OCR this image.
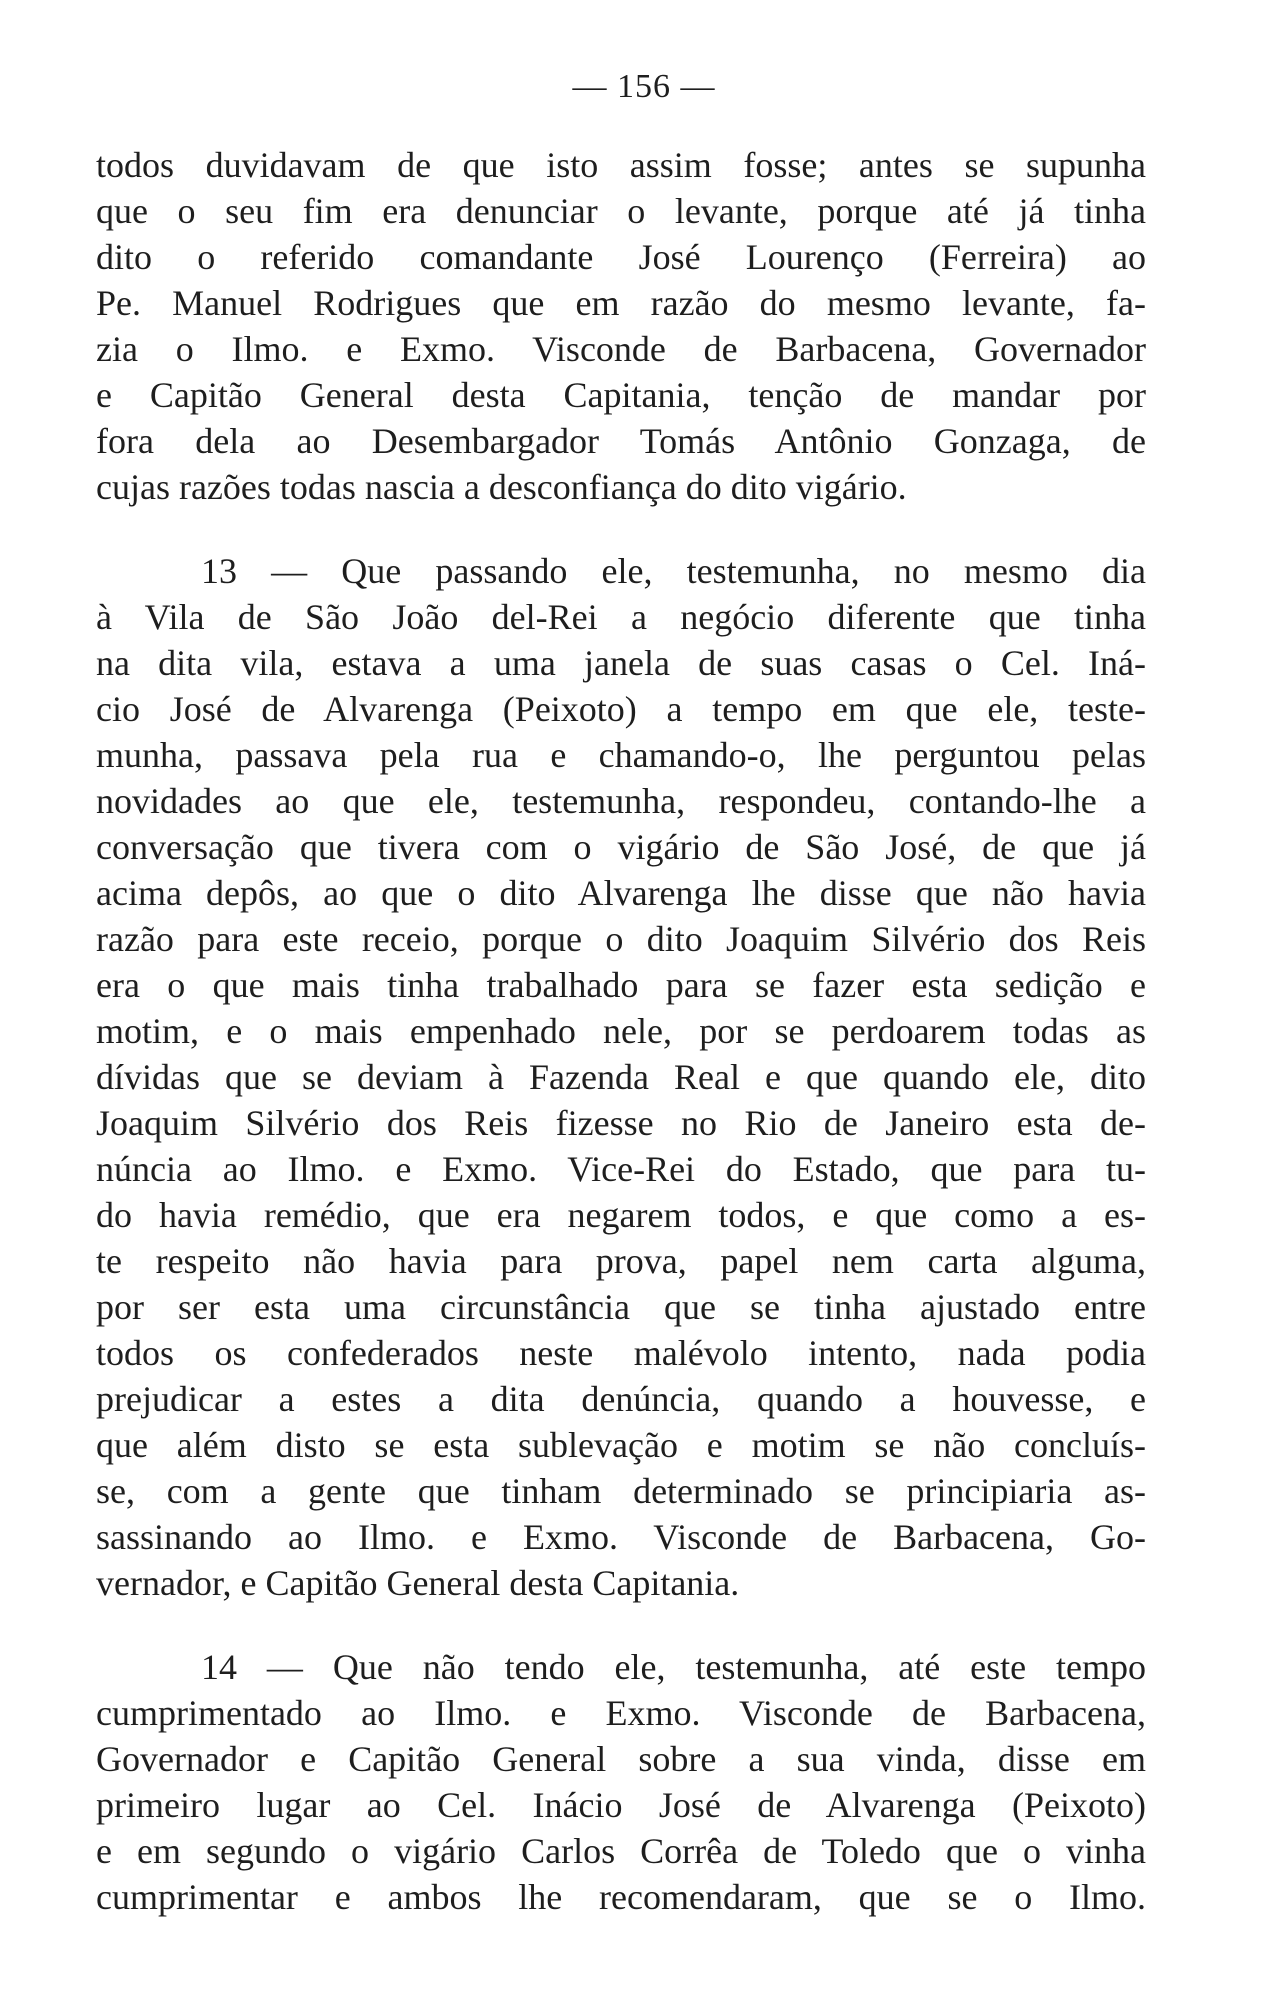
— 156 —
todos duvidavam de que isto assim fosse; antes se supunha
que o seu fim era denunciar o levante, porque até já tinha
dito o referido comandante José Lourenço (Ferreira) ao
Pe. Manuel Rodrigues que em razão do mesmo levante, fa-
zia o Ilmo. e Exmo. Visconde de Barbacena, Governador
e Capitão General desta Capitania, tenção de mandar por
fora dela ao Desembargador Tomás Antônio Gonzaga, de
cujas razões todas nascia a desconfiança do dito vigário.
13 — Que passando ele, testemunha, no mesmo dia
à Vila de São João del-Rei a negócio diferente que tinha
na dita vila, estava a uma janela de suas casas o Cel. Iná-
cio José de Alvarenga (Peixoto) a tempo em que ele, teste-
munha, passava pela rua e chamando-o, lhe perguntou pelas
novidades ao que ele, testemunha, respondeu, contando-lhe a
conversação que tivera com o vigário de São José, de que já
acima depôs, ao que o dito Alvarenga lhe disse que não havia
razão para este receio, porque o dito Joaquim Silvério dos Reis
era o que mais tinha trabalhado para se fazer esta sedição e
motim, e o mais empenhado nele, por se perdoarem todas as
dívidas que se deviam à Fazenda Real e que quando ele, dito
Joaquim Silvério dos Reis fizesse no Rio de Janeiro esta de-
núncia ao Ilmo. e Exmo. Vice-Rei do Estado, que para tu-
do havia remédio, que era negarem todos, e que como a es-
te respeito não havia para prova, papel nem carta alguma,
por ser esta uma circunstância que se tinha ajustado entre
todos os confederados neste malévolo intento, nada podia
prejudicar a estes a dita denúncia, quando a houvesse, e
que além disto se esta sublevação e motim se não concluís-
se, com a gente que tinham determinado se principiaria as-
sassinando ao Ilmo. e Exmo. Visconde de Barbacena, Go-
vernador, e Capitão General desta Capitania.
14 — Que não tendo ele, testemunha, até este tempo
cumprimentado ao Ilmo. e Exmo. Visconde de Barbacena,
Governador e Capitão General sobre a sua vinda, disse em
primeiro lugar ao Cel. Inácio José de Alvarenga (Peixoto)
e em segundo o vigário Carlos Corrêa de Toledo que o vinha
cumprimentar e ambos lhe recomendaram, que se o Ilmo.
